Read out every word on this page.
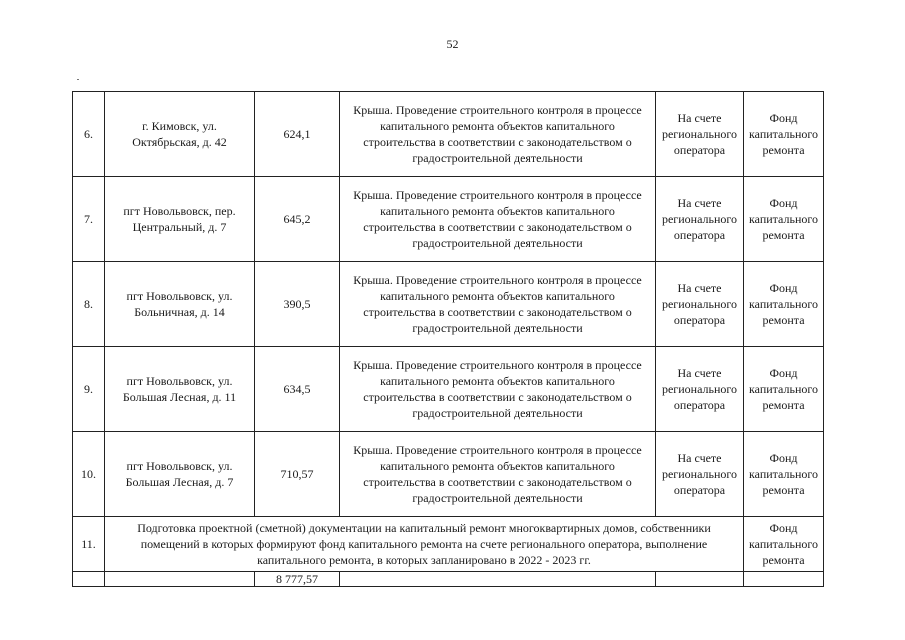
52
6.	г. Кимовск, ул.
Октябрьская, д. 42	624,1	Крыша. Проведение строительного контроля в процессе капитального ремонта объектов капитального строительства в соответствии с законодательством о градостроительной деятельности	На счете регионального оператора	Фонд капитального ремонта
7.	пгт Новольвовск, пер.
Центральный, д. 7	645,2	Крыша. Проведение строительного контроля в процессе капитального ремонта объектов капитального строительства в соответствии с законодательством о градостроительной деятельности	На счете регионального оператора	Фонд капитального ремонта
8.	пгт Новольвовск, ул.
Больничная, д. 14	390,5	Крыша. Проведение строительного контроля в процессе капитального ремонта объектов капитального строительства в соответствии с законодательством о градостроительной деятельности	На счете регионального оператора	Фонд капитального ремонта
9.	пгт Новольвовск, ул.
Большая Лесная, д. 11	634,5	Крыша. Проведение строительного контроля в процессе капитального ремонта объектов капитального строительства в соответствии с законодательством о градостроительной деятельности	На счете регионального оператора	Фонд капитального ремонта
10.	пгт Новольвовск, ул.
Большая Лесная, д. 7	710,57	Крыша. Проведение строительного контроля в процессе капитального ремонта объектов капитального строительства в соответствии с законодательством о градостроительной деятельности	На счете регионального оператора	Фонд капитального ремонта
11.	Подготовка проектной (сметной) документации на капитальный ремонт многоквартирных домов, собственники помещений в которых формируют фонд капитального ремонта на счете регионального оператора, выполнение капитального ремонта, в которых запланировано в 2022 - 2023 гг.				Фонд капитального ремонта
		8 777,57			
